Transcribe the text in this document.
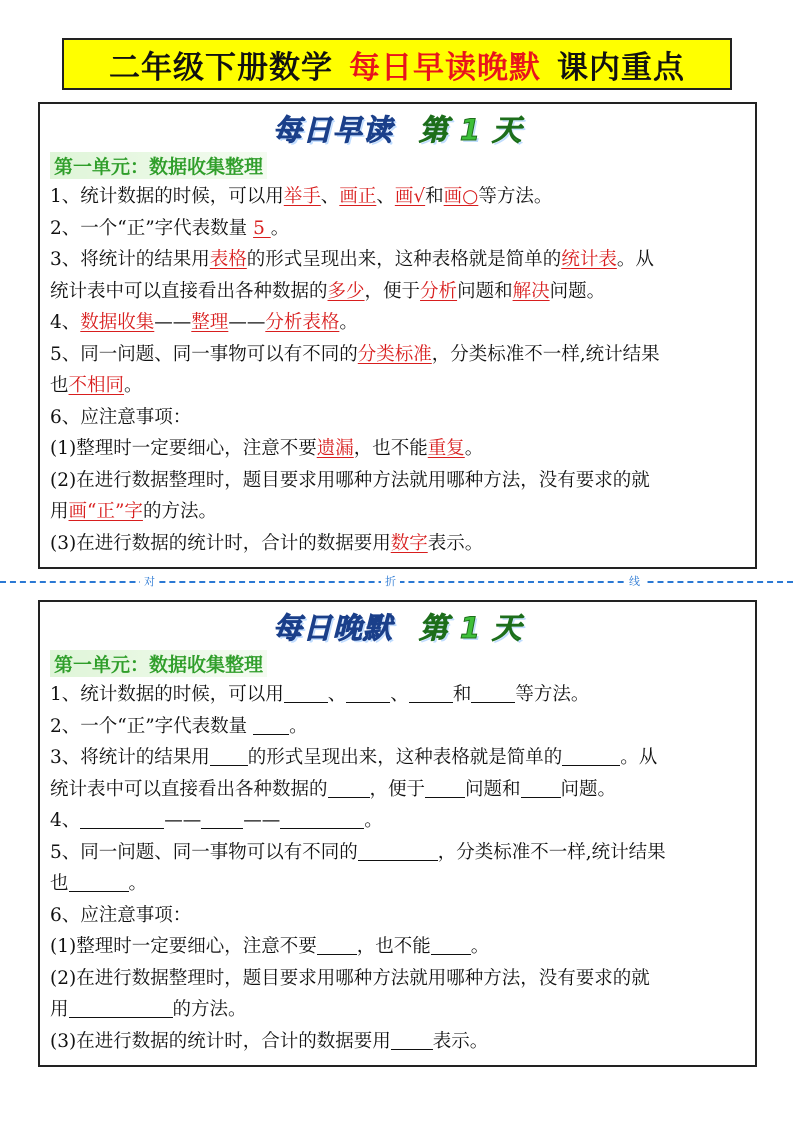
二年级下册数学 每日早读晚默 课内重点
每日早读 第 1 天
第一单元：数据收集整理
1、统计数据的时候，可以用举手、画正、画√和画○等方法。
2、一个“正”字代表数量 5 。
3、将统计的结果用表格的形式呈现出来，这种表格就是简单的统计表。从
统计表中可以直接看出各种数据的多少，便于分析问题和解决问题。
4、数据收集——整理——分析表格。
5、同一问题、同一事物可以有不同的分类标准，分类标准不一样,统计结果
也不相同。
6、应注意事项：
(1)整理时一定要细心，注意不要遗漏，也不能重复。
(2)在进行数据整理时，题目要求用哪种方法就用哪种方法，没有要求的就
用画“正”字的方法。
(3)在进行数据的统计时，合计的数据要用数字表示。
对	折	线
每日晚默 第 1 天
第一单元：数据收集整理
1、统计数据的时候，可以用 、 、 和 等方法。
2、一个“正”字代表数量 。
3、将统计的结果用 的形式呈现出来，这种表格就是简单的	。从
统计表中可以直接看出各种数据的 ，便于 问题和 问题。
4、	—— ——	。
5、同一问题、同一事物可以有不同的	，分类标准不一样,统计结果
也	。
6、应注意事项：
(1)整理时一定要细心，注意不要 ，也不能 。
(2)在进行数据整理时，题目要求用哪种方法就用哪种方法，没有要求的就
用	的方法。
(3)在进行数据的统计时，合计的数据要用 表示。
